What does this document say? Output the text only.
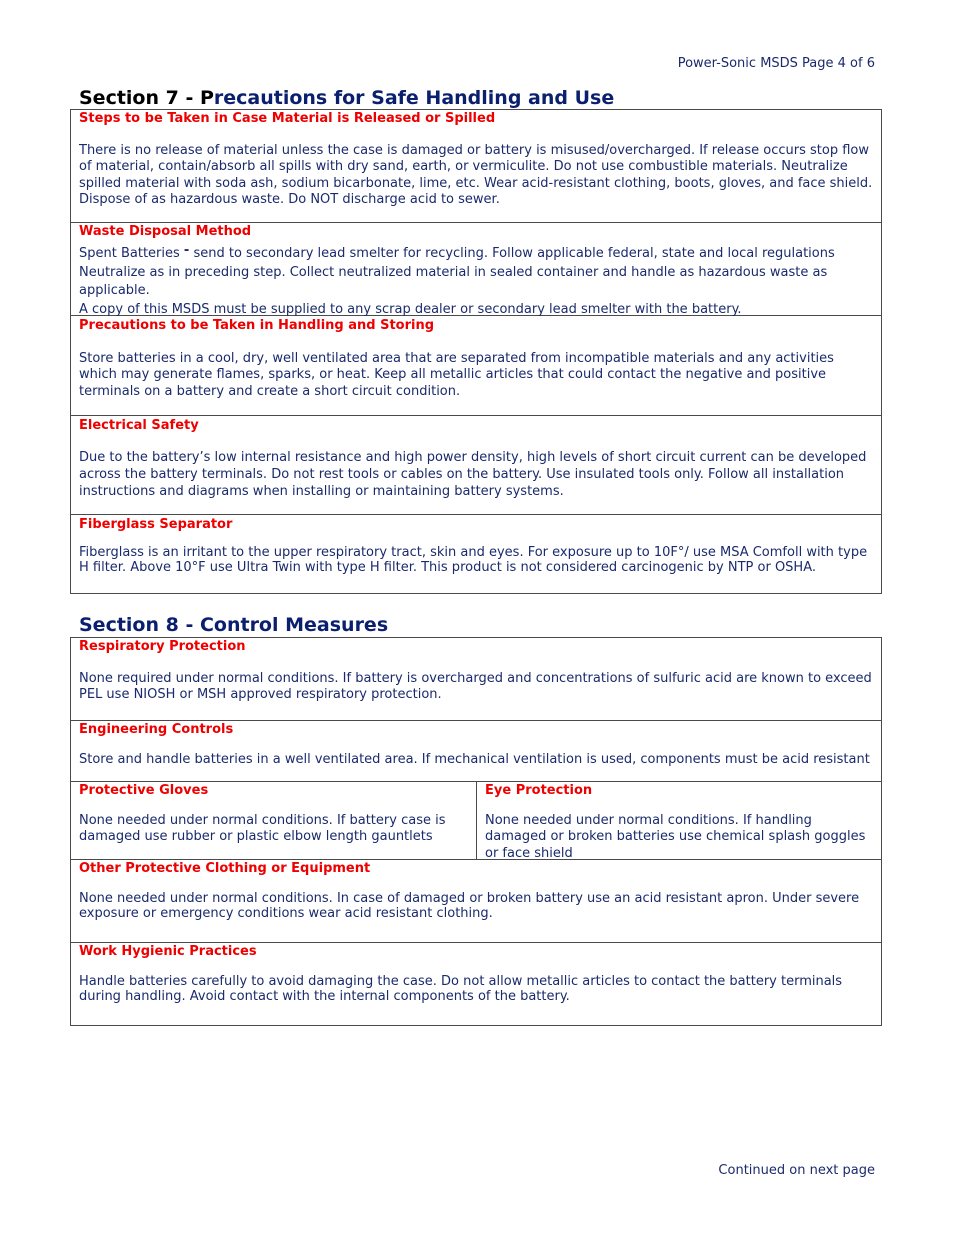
Power-Sonic MSDS Page 4 of 6
Section 7 - Precautions for Safe Handling and Use
Steps to be Taken in Case Material is Released or Spilled
There is no release of material unless the case is damaged or battery is misused/overcharged. If release occurs stop flow of material, contain/absorb all spills with dry sand, earth, or vermiculite. Do not use combustible materials. Neutralize spilled material with soda ash, sodium bicarbonate, lime, etc. Wear acid-resistant clothing, boots, gloves, and face shield. Dispose of as hazardous waste. Do NOT discharge acid to sewer.
Waste Disposal Method
Spent Batteries - send to secondary lead smelter for recycling. Follow applicable federal, state and local regulations
Neutralize as in preceding step. Collect neutralized material in sealed container and handle as hazardous waste as applicable.
A copy of this MSDS must be supplied to any scrap dealer or secondary lead smelter with the battery.
Precautions to be Taken in Handling and Storing
Store batteries in a cool, dry, well ventilated area that are separated from incompatible materials and any activities which may generate flames, sparks, or heat. Keep all metallic articles that could contact the negative and positive terminals on a battery and create a short circuit condition.
Electrical Safety
Due to the battery’s low internal resistance and high power density, high levels of short circuit current can be developed across the battery terminals. Do not rest tools or cables on the battery. Use insulated tools only. Follow all installation instructions and diagrams when installing or maintaining battery systems.
Fiberglass Separator
Fiberglass is an irritant to the upper respiratory tract, skin and eyes. For exposure up to 10F°/ use MSA Comfoll with type H filter. Above 10°F use Ultra Twin with type H filter. This product is not considered carcinogenic by NTP or OSHA.
Section 8 - Control Measures
Respiratory Protection
None required under normal conditions. If battery is overcharged and concentrations of sulfuric acid are known to exceed PEL use NIOSH or MSH approved respiratory protection.
Engineering Controls
Store and handle batteries in a well ventilated area. If mechanical ventilation is used, components must be acid resistant
Protective Gloves
None needed under normal conditions. If battery case is damaged use rubber or plastic elbow length gauntlets
Eye Protection
None needed under normal conditions. If handling damaged or broken batteries use chemical splash goggles or face shield
Other Protective Clothing or Equipment
None needed under normal conditions. In case of damaged or broken battery use an acid resistant apron. Under severe exposure or emergency conditions wear acid resistant clothing.
Work Hygienic Practices
Handle batteries carefully to avoid damaging the case. Do not allow metallic articles to contact the battery terminals during handling. Avoid contact with the internal components of the battery.
Continued on next page
